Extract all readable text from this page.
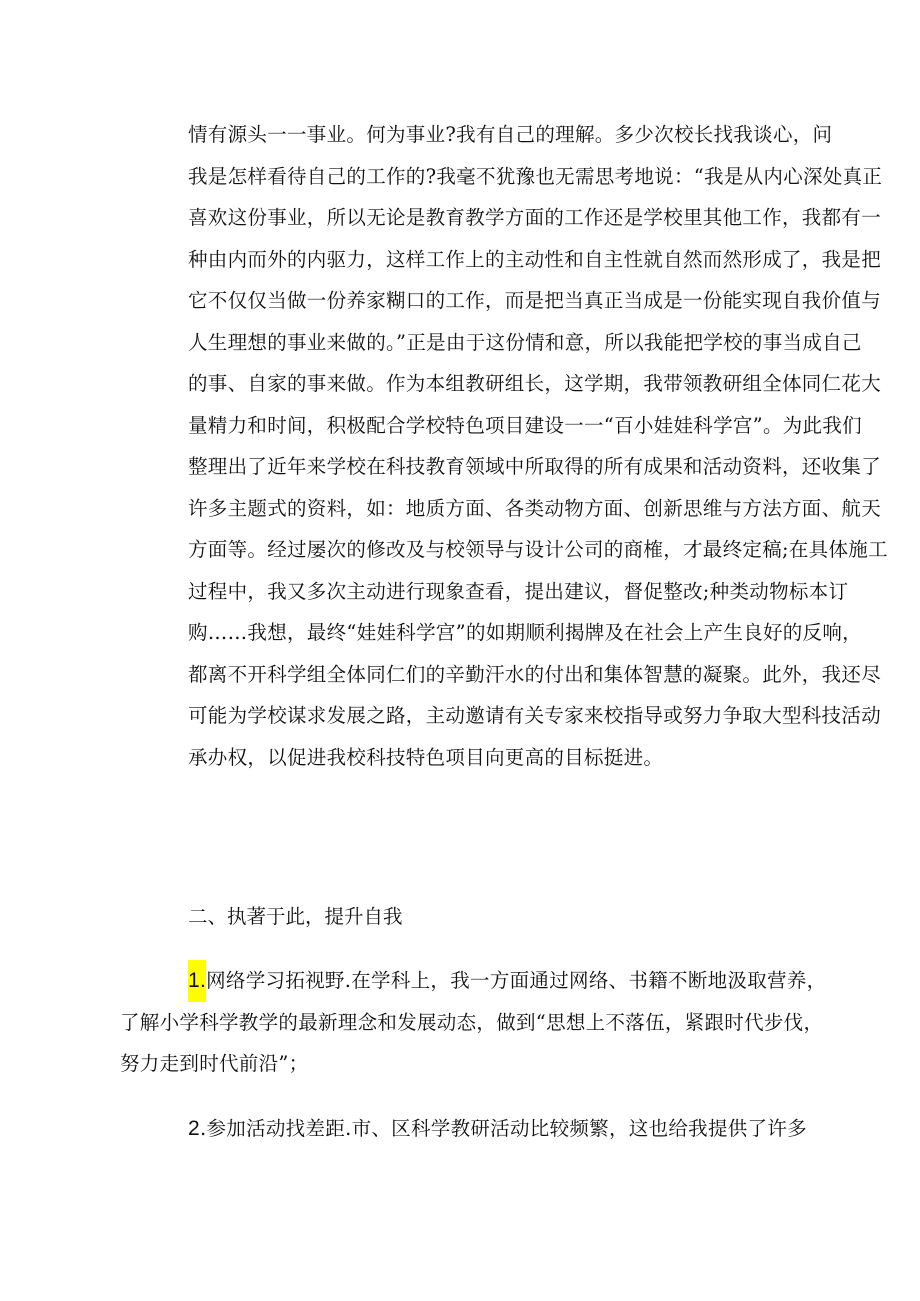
情有源头一一事业。何为事业?我有自己的理解。多少次校长找我谈心，问
我是怎样看待自己的工作的?我毫不犹豫也无需思考地说：“我是从内心深处真正
喜欢这份事业，所以无论是教育教学方面的工作还是学校里其他工作，我都有一
种由内而外的内驱力，这样工作上的主动性和自主性就自然而然形成了，我是把
它不仅仅当做一份养家糊口的工作，而是把当真正当成是一份能实现自我价值与
人生理想的事业来做的。”正是由于这份情和意，所以我能把学校的事当成自己
的事、自家的事来做。作为本组教研组长，这学期，我带领教研组全体同仁花大
量精力和时间，积极配合学校特色项目建设一一“百小娃娃科学宫”。为此我们
整理出了近年来学校在科技教育领域中所取得的所有成果和活动资料，还收集了
许多主题式的资料，如：地质方面、各类动物方面、创新思维与方法方面、航天
方面等。经过屡次的修改及与校领导与设计公司的商榷，才最终定稿;在具体施工
过程中，我又多次主动进行现象查看，提出建议，督促整改;种类动物标本订
购……我想，最终“娃娃科学宫”的如期顺利揭牌及在社会上产生良好的反响，
都离不开科学组全体同仁们的辛勤汗水的付出和集体智慧的凝聚。此外，我还尽
可能为学校谋求发展之路，主动邀请有关专家来校指导或努力争取大型科技活动
承办权，以促进我校科技特色项目向更高的目标挺进。
二、执著于此，提升自我
1.网络学习拓视野.在学科上，我一方面通过网络、书籍不断地汲取营养，
了解小学科学教学的最新理念和发展动态，做到“思想上不落伍，紧跟时代步伐，
努力走到时代前沿”；
2.参加活动找差距.市、区科学教研活动比较频繁，这也给我提供了许多
